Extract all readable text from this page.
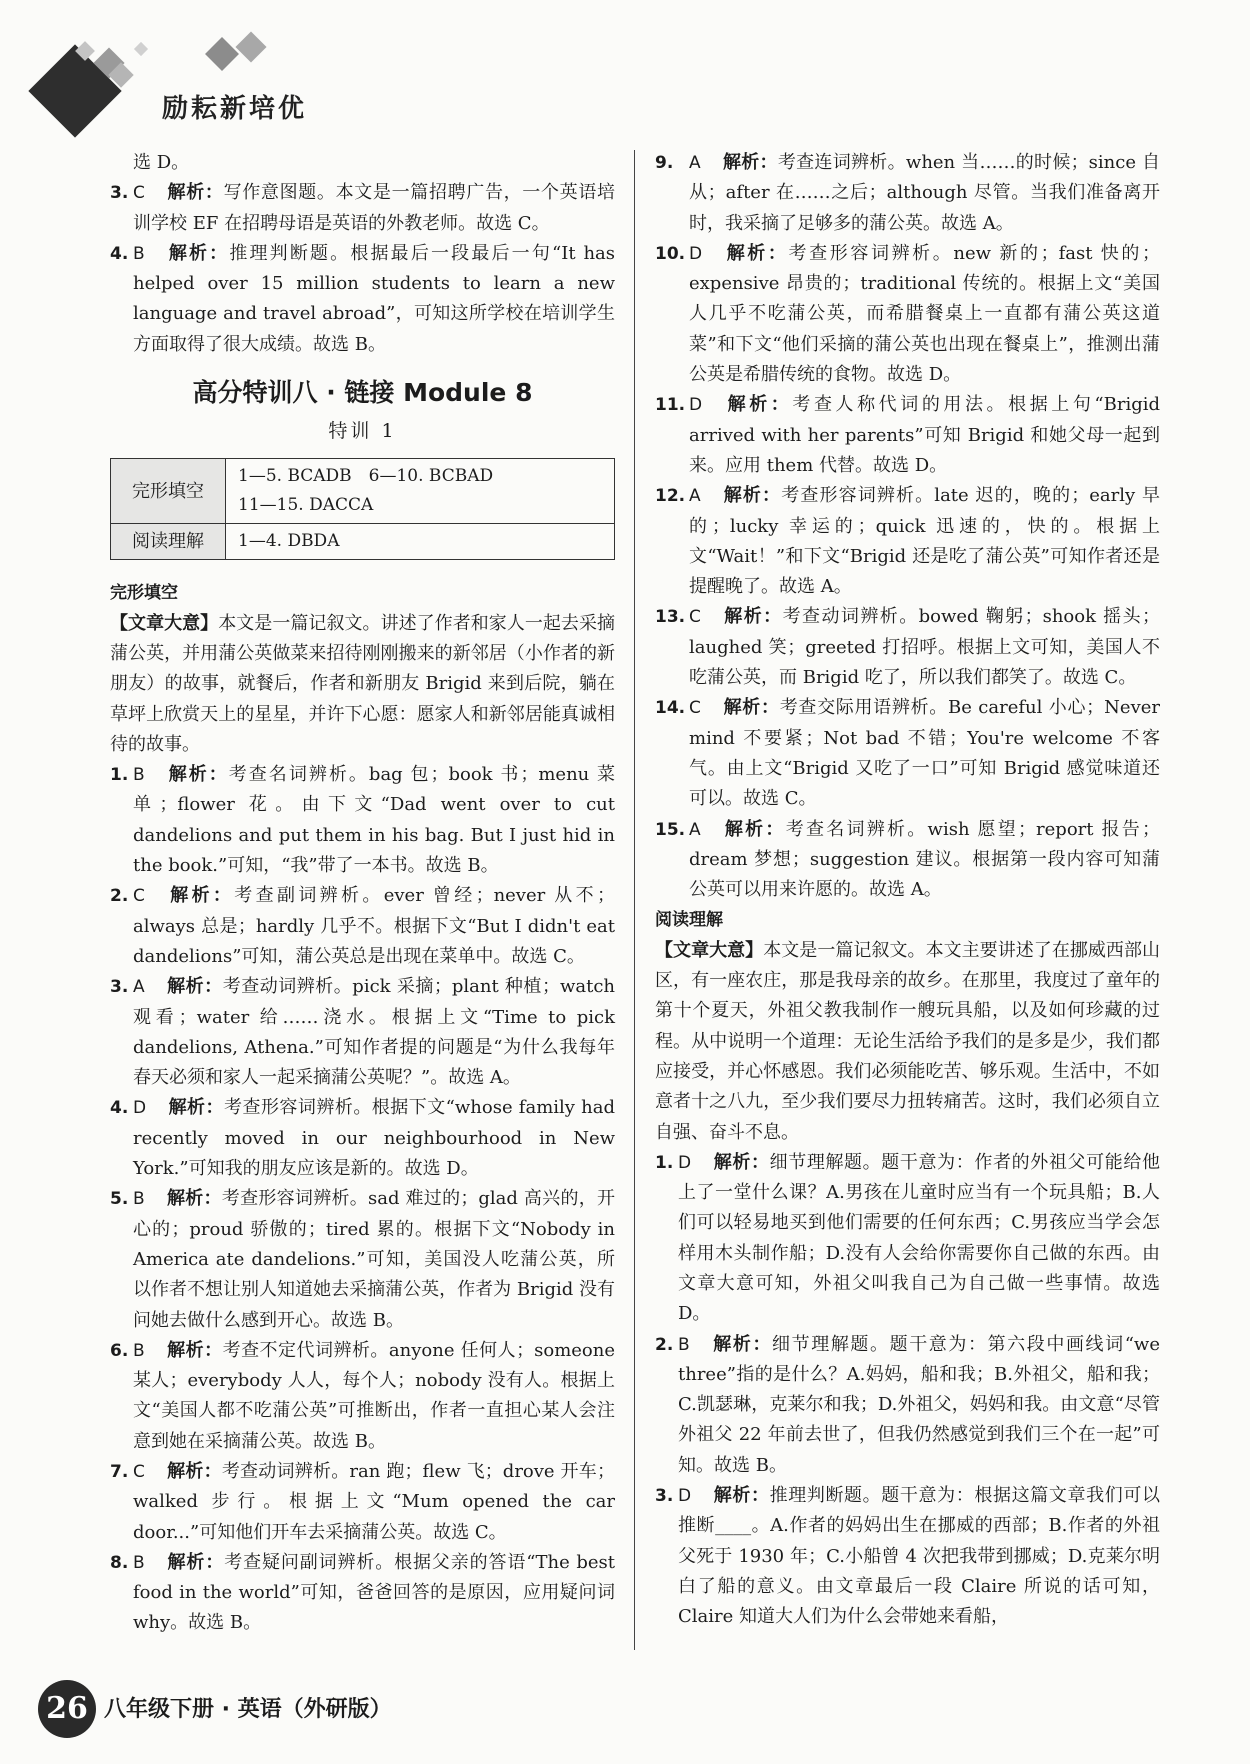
励耘新培优

选 D。

3. C 解析：写作意图题。本文是一篇招聘广告，一个英语培训学校 EF 在招聘母语是英语的外教老师。故选 C。

4. B 解析：推理判断题。根据最后一段最后一句“It has helped over 15 million students to learn a new language and travel abroad”，可知这所学校在培训学生方面取得了很大成绩。故选 B。

高分特训八 · 链接 Module 8
特训 1
完形填空	1—5. BCADB　6—10. BCBAD
11—15. DACCA

阅读理解	1—4. DBDA

完形填空

【文章大意】本文是一篇记叙文。讲述了作者和家人一起去采摘蒲公英，并用蒲公英做菜来招待刚刚搬来的新邻居（小作者的新朋友）的故事，就餐后，作者和新朋友 Brigid 来到后院，躺在草坪上欣赏天上的星星，并许下心愿：愿家人和新邻居能真诚相待的故事。

1. B 解析：考查名词辨析。bag 包；book 书；menu 菜单；flower 花。由下文“Dad went over to cut dandelions and put them in his bag. But I just hid in the book.”可知，“我”带了一本书。故选 B。

2. C 解析：考查副词辨析。ever 曾经；never 从不；always 总是；hardly 几乎不。根据下文“But I didn't eat dandelions”可知，蒲公英总是出现在菜单中。故选 C。

3. A 解析：考查动词辨析。pick 采摘；plant 种植；watch 观看；water 给……浇水。根据上文“Time to pick dandelions, Athena.”可知作者提的问题是“为什么我每年春天必须和家人一起采摘蒲公英呢？”。故选 A。

4. D 解析：考查形容词辨析。根据下文“whose family had recently moved in our neighbourhood in New York.”可知我的朋友应该是新的。故选 D。

5. B 解析：考查形容词辨析。sad 难过的；glad 高兴的，开心的；proud 骄傲的；tired 累的。根据下文“Nobody in America ate dandelions.”可知，美国没人吃蒲公英，所以作者不想让别人知道她去采摘蒲公英，作者为 Brigid 没有问她去做什么感到开心。故选 B。

6. B 解析：考查不定代词辨析。anyone 任何人；someone 某人；everybody 人人，每个人；nobody 没有人。根据上文“美国人都不吃蒲公英”可推断出，作者一直担心某人会注意到她在采摘蒲公英。故选 B。

7. C 解析：考查动词辨析。ran 跑；flew 飞；drove 开车；walked 步行。根据上文“Mum opened the car door...”可知他们开车去采摘蒲公英。故选 C。

8. B 解析：考查疑问副词辨析。根据父亲的答语“The best food in the world”可知，爸爸回答的是原因，应用疑问词 why。故选 B。

9. A 解析：考查连词辨析。when 当……的时候；since 自从；after 在……之后；although 尽管。当我们准备离开时，我采摘了足够多的蒲公英。故选 A。

10. D 解析：考查形容词辨析。new 新的；fast 快的；expensive 昂贵的；traditional 传统的。根据上文“美国人几乎不吃蒲公英，而希腊餐桌上一直都有蒲公英这道菜”和下文“他们采摘的蒲公英也出现在餐桌上”，推测出蒲公英是希腊传统的食物。故选 D。

11. D 解析：考查人称代词的用法。根据上句“Brigid arrived with her parents”可知 Brigid 和她父母一起到来。应用 them 代替。故选 D。

12. A 解析：考查形容词辨析。late 迟的，晚的；early 早的；lucky 幸运的；quick 迅速的，快的。根据上文“Wait！”和下文“Brigid 还是吃了蒲公英”可知作者还是提醒晚了。故选 A。

13. C 解析：考查动词辨析。bowed 鞠躬；shook 摇头；laughed 笑；greeted 打招呼。根据上文可知，美国人不吃蒲公英，而 Brigid 吃了，所以我们都笑了。故选 C。

14. C 解析：考查交际用语辨析。Be careful 小心；Never mind 不要紧；Not bad 不错；You're welcome 不客气。由上文“Brigid 又吃了一口”可知 Brigid 感觉味道还可以。故选 C。

15. A 解析：考查名词辨析。wish 愿望；report 报告；dream 梦想；suggestion 建议。根据第一段内容可知蒲公英可以用来许愿的。故选 A。

阅读理解

【文章大意】本文是一篇记叙文。本文主要讲述了在挪威西部山区，有一座农庄，那是我母亲的故乡。在那里，我度过了童年的第十个夏天，外祖父教我制作一艘玩具船，以及如何珍藏的过程。从中说明一个道理：无论生活给予我们的是多是少，我们都应接受，并心怀感恩。我们必须能吃苦、够乐观。生活中，不如意者十之八九，至少我们要尽力扭转痛苦。这时，我们必须自立自强、奋斗不息。

1. D 解析：细节理解题。题干意为：作者的外祖父可能给他上了一堂什么课？A.男孩在儿童时应当有一个玩具船；B.人们可以轻易地买到他们需要的任何东西；C.男孩应当学会怎样用木头制作船；D.没有人会给你需要你自己做的东西。由文章大意可知，外祖父叫我自己为自己做一些事情。故选 D。

2. B 解析：细节理解题。题干意为：第六段中画线词“we three”指的是什么？A.妈妈，船和我；B.外祖父，船和我；C.凯瑟琳，克莱尔和我；D.外祖父，妈妈和我。由文意“尽管外祖父 22 年前去世了，但我仍然感觉到我们三个在一起”可知。故选 B。

3. D 解析：推理判断题。题干意为：根据这篇文章我们可以推断____。A.作者的妈妈出生在挪威的西部；B.作者的外祖父死于 1930 年；C.小船曾 4 次把我带到挪威；D.克莱尔明白了船的意义。由文章最后一段 Claire 所说的话可知，Claire 知道大人们为什么会带她来看船，

26 八年级下册 · 英语（外研版）
